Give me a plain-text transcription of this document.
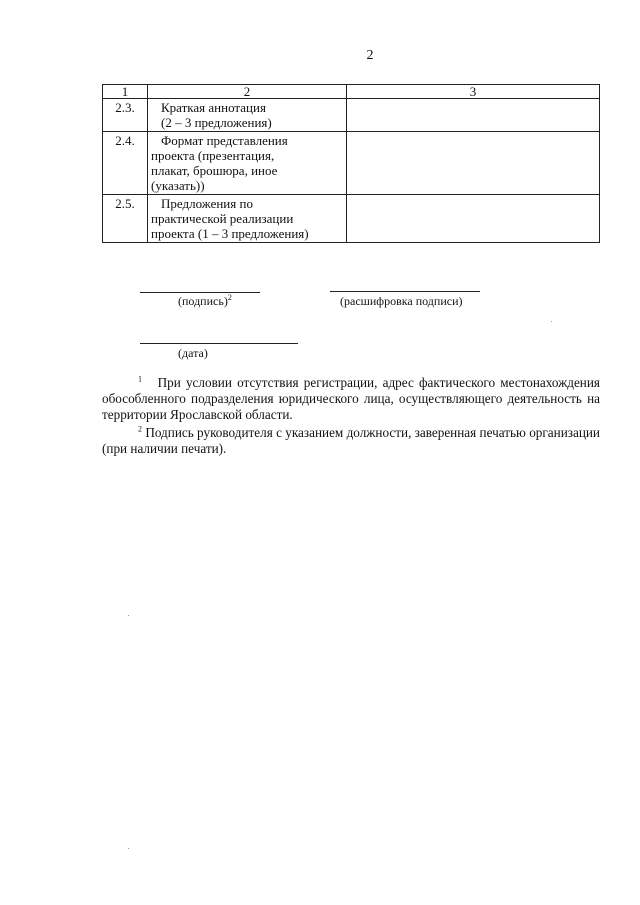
2
1	2	3
2.3.	Краткая аннотация
(2 – 3 предложения)	
2.4.	Формат представления
проекта (презентация,
плакат, брошюра, иное
(указать))	
2.5.	Предложения по
практической реализации
проекта (1 – 3 предложения)	
(подпись)$^2$	(расшифровка подписи)
(дата)

$^1$ При условии отсутствия регистрации, адрес фактического местонахождения обособленного подразделения юридического лица, осуществляющего деятельность на территории Ярославской области.

$^2$ Подпись руководителя с указанием должности, заверенная печатью организации (при наличии печати).
